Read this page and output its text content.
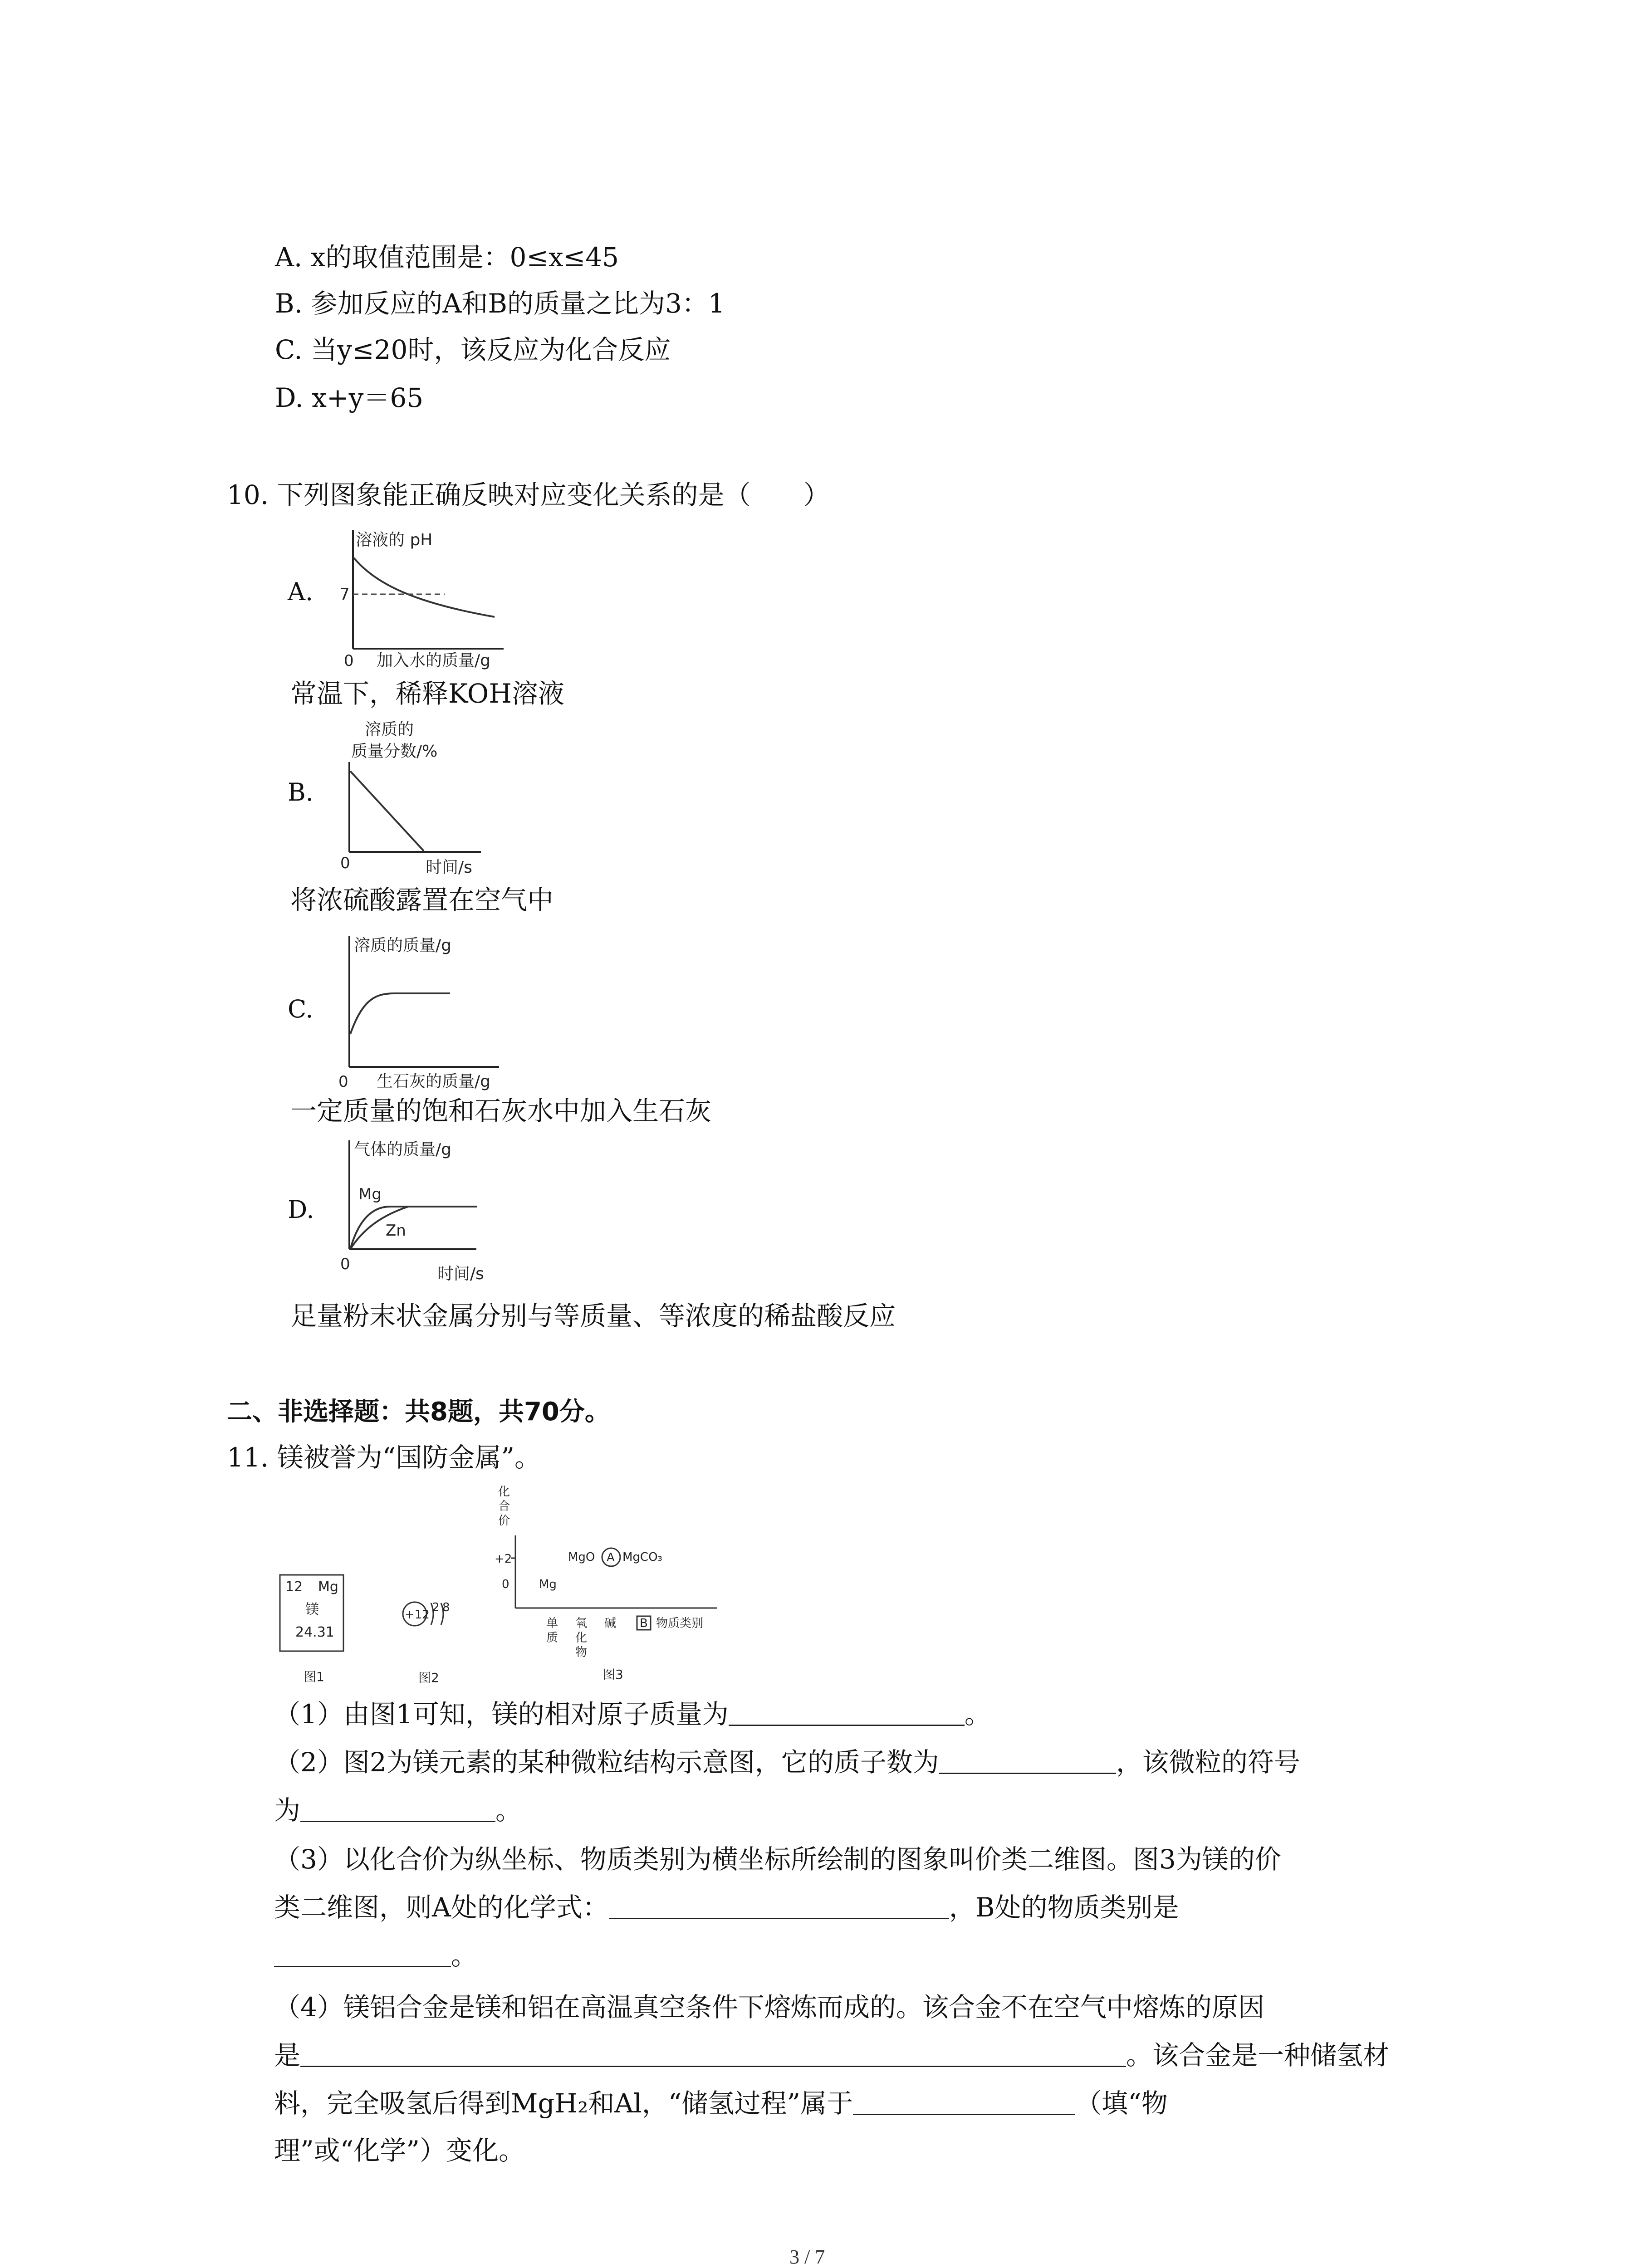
A. x的取值范围是：0≤x≤45
B. 参加反应的A和B的质量之比为3：1
C. 当y≤20时，该反应为化合反应
D. x+y＝65
10. 下列图象能正确反映对应变化关系的是（　　）
A.
溶液的 pH
7
0 加入水的质量/g
常温下，稀释KOH溶液
B.
溶质的
质量分数/%
0	时间/s
将浓硫酸露置在空气中
C.
溶质的质量/g
0 生石灰的质量/g
一定质量的饱和石灰水中加入生石灰
D.
气体的质量/g
Mg
Zn
0
时间/s
足量粉末状金属分别与等质量、等浓度的稀盐酸反应
二、非选择题：共8题，共70分。
11. 镁被誉为“国防金属”。
12 Mg
镁
24.31
图1
+12
2 8
图2
化
合
价
+2
0
MgO A MgCO₃
Mg
单
质
氧
化
物
碱 B 物质类别
图3
（1）由图1可知，镁的相对原子质量为	。
（2）图2为镁元素的某种微粒结构示意图，它的质子数为	，该微粒的符号
为	。
（3）以化合价为纵坐标、物质类别为横坐标所绘制的图象叫价类二维图。图3为镁的价
类二维图，则A处的化学式：	，B处的物质类别是
。
（4）镁铝合金是镁和铝在高温真空条件下熔炼而成的。该合金不在空气中熔炼的原因
是	。该合金是一种储氢材
料，完全吸氢后得到MgH₂和Al，“储氢过程”属于	（填“物
理”或“化学”）变化。
3 / 7
